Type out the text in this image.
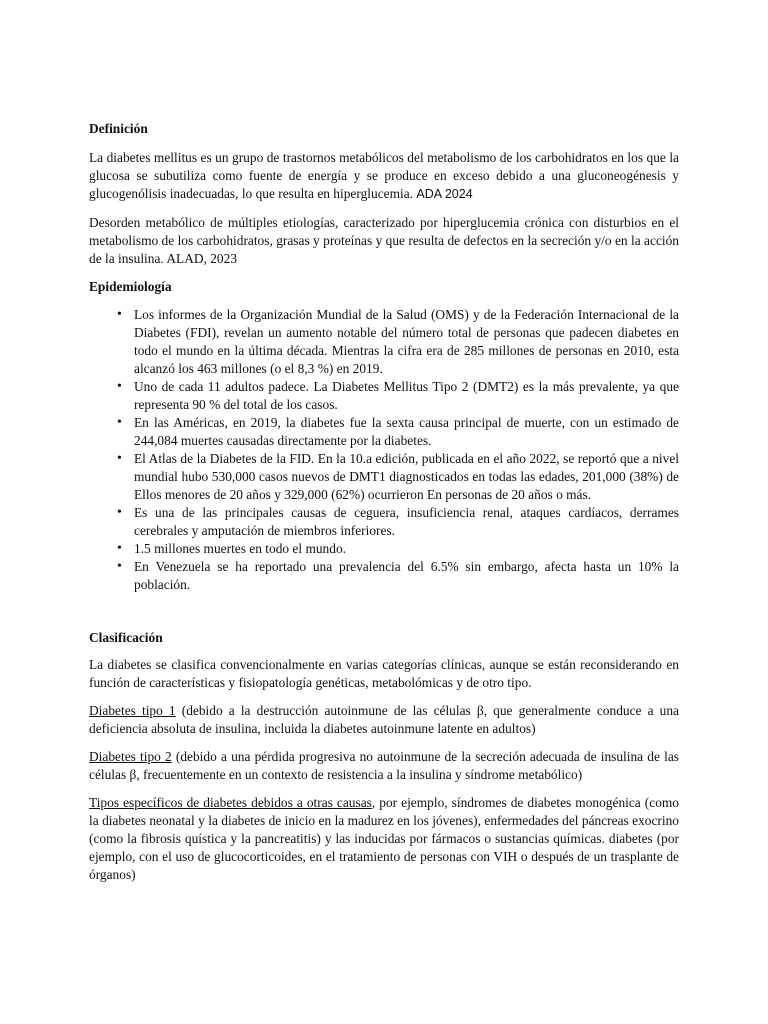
Definición

La diabetes mellitus es un grupo de trastornos metabólicos del metabolismo de los carbohidratos en los que la glucosa se subutiliza como fuente de energía y se produce en exceso debido a una gluconeogénesis y glucogenólisis inadecuadas, lo que resulta en hiperglucemia. ADA 2024

Desorden metabólico de múltiples etiologías, caracterizado por hiperglucemia crónica con disturbios en el metabolismo de los carbohidratos, grasas y proteínas y que resulta de defectos en la secreción y/o en la acción de la insulina. ALAD, 2023

Epidemiología
• Los informes de la Organización Mundial de la Salud (OMS) y de la Federación Internacional de la Diabetes (FDI), revelan un aumento notable del número total de personas que padecen diabetes en todo el mundo en la última década. Mientras la cifra era de 285 millones de personas en 2010, esta alcanzó los 463 millones (o el 8,3 %) en 2019.
• Uno de cada 11 adultos padece. La Diabetes Mellitus Tipo 2 (DMT2) es la más prevalente, ya que representa 90 % del total de los casos.
• En las Américas, en 2019, la diabetes fue la sexta causa principal de muerte, con un estimado de 244,084 muertes causadas directamente por la diabetes.
• El Atlas de la Diabetes de la FID. En la 10.a edición, publicada en el año 2022, se reportó que a nivel mundial hubo 530,000 casos nuevos de DMT1 diagnosticados en todas las edades, 201,000 (38%) de Ellos menores de 20 años y 329,000 (62%) ocurrieron En personas de 20 años o más.
• Es una de las principales causas de ceguera, insuficiencia renal, ataques cardíacos, derrames cerebrales y amputación de miembros inferiores.
• 1.5 millones muertes en todo el mundo.
• En Venezuela se ha reportado una prevalencia del 6.5% sin embargo, afecta hasta un 10% la población.
Clasificación

La diabetes se clasifica convencionalmente en varias categorías clínicas, aunque se están reconsiderando en función de características y fisiopatología genéticas, metabolómicas y de otro tipo.

Diabetes tipo 1 (debido a la destrucción autoinmune de las células β, que generalmente conduce a una deficiencia absoluta de insulina, incluida la diabetes autoinmune latente en adultos)

Diabetes tipo 2 (debido a una pérdida progresiva no autoinmune de la secreción adecuada de insulina de las células β, frecuentemente en un contexto de resistencia a la insulina y síndrome metabólico)

Tipos específicos de diabetes debidos a otras causas, por ejemplo, síndromes de diabetes monogénica (como la diabetes neonatal y la diabetes de inicio en la madurez en los jóvenes), enfermedades del páncreas exocrino (como la fibrosis quística y la pancreatitis) y las inducidas por fármacos o sustancias químicas. diabetes (por ejemplo, con el uso de glucocorticoides, en el tratamiento de personas con VIH o después de un trasplante de órganos)
